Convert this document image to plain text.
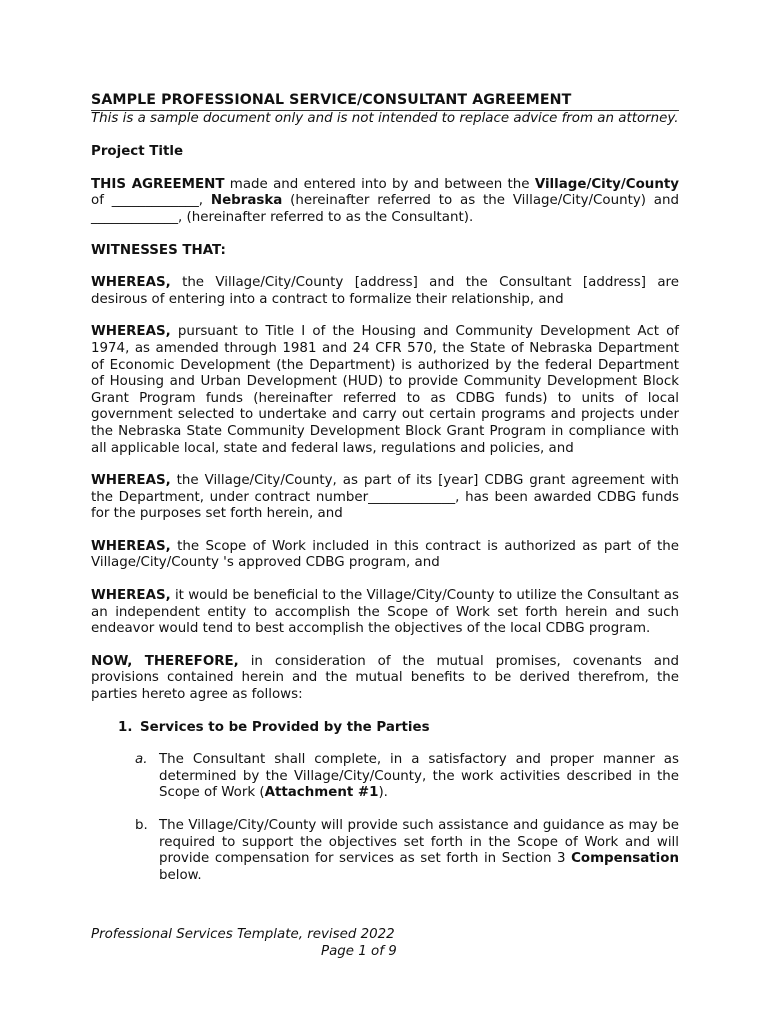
SAMPLE PROFESSIONAL SERVICE/CONSULTANT AGREEMENT
This is a sample document only and is not intended to replace advice from an attorney.

Project Title

THIS AGREEMENT made and entered into by and between the Village/City/County of _____________, Nebraska (hereinafter referred to as the Village/City/County) and _____________, (hereinafter referred to as the Consultant).

WITNESSES THAT:

WHEREAS, the Village/City/County [address] and the Consultant [address] are desirous of entering into a contract to formalize their relationship, and

WHEREAS, pursuant to Title I of the Housing and Community Development Act of 1974, as amended through 1981 and 24 CFR 570, the State of Nebraska Department of Economic Development (the Department) is authorized by the federal Department of Housing and Urban Development (HUD) to provide Community Development Block Grant Program funds (hereinafter referred to as CDBG funds) to units of local government selected to undertake and carry out certain programs and projects under the Nebraska State Community Development Block Grant Program in compliance with all applicable local, state and federal laws, regulations and policies, and

WHEREAS, the Village/City/County, as part of its [year] CDBG grant agreement with the Department, under contract number_____________, has been awarded CDBG funds for the purposes set forth herein, and

WHEREAS, the Scope of Work included in this contract is authorized as part of the Village/City/County 's approved CDBG program, and

WHEREAS, it would be beneficial to the Village/City/County to utilize the Consultant as an independent entity to accomplish the Scope of Work set forth herein and such endeavor would tend to best accomplish the objectives of the local CDBG program.

NOW, THEREFORE, in consideration of the mutual promises, covenants and provisions contained herein and the mutual benefits to be derived therefrom, the parties hereto agree as follows:

1. Services to be Provided by the Parties
a. The Consultant shall complete, in a satisfactory and proper manner as determined by the Village/City/County, the work activities described in the Scope of Work (Attachment #1).
b. The Village/City/County will provide such assistance and guidance as may be required to support the objectives set forth in the Scope of Work and will provide compensation for services as set forth in Section 3 Compensation below.
Professional Services Template, revised 2022
Page 1 of 9
